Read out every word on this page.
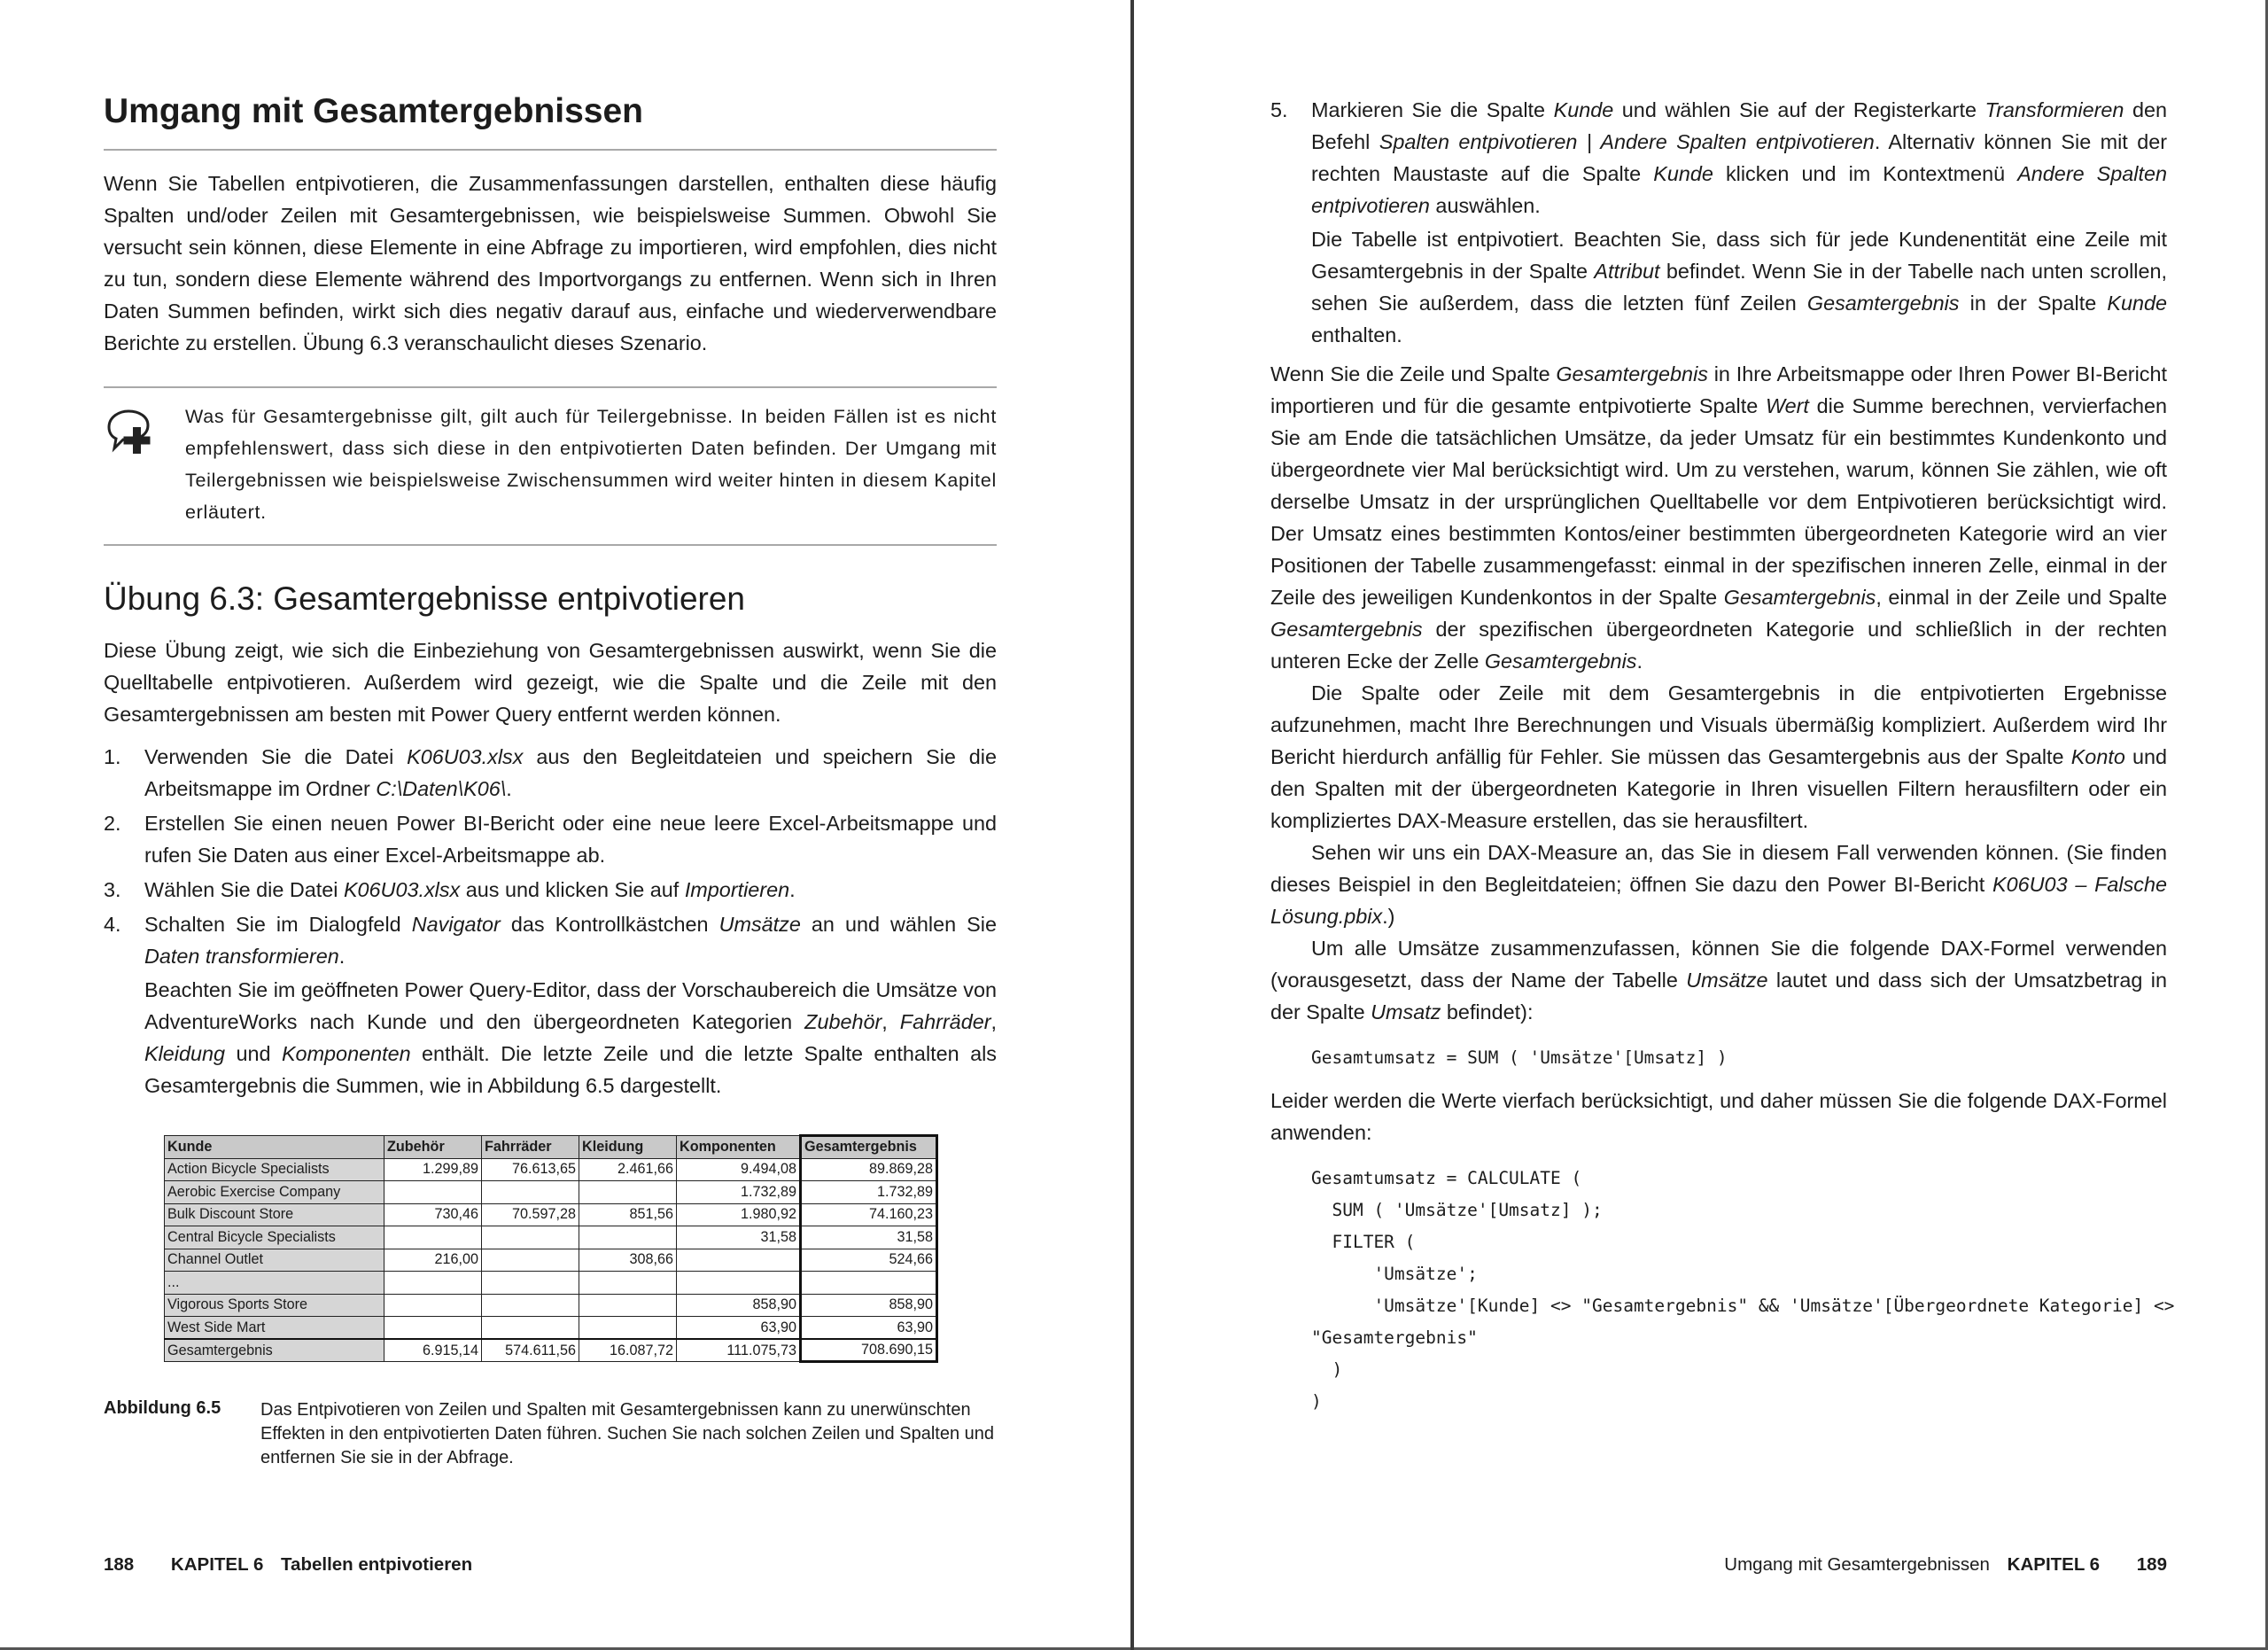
Umgang mit Gesamtergebnissen

Wenn Sie Tabellen entpivotieren, die Zusammenfassungen darstellen, enthalten diese häufig Spalten und/oder Zeilen mit Gesamtergebnissen, wie beispielsweise Summen. Obwohl Sie versucht sein können, diese Elemente in eine Abfrage zu importieren, wird empfohlen, dies nicht zu tun, sondern diese Elemente während des Importvorgangs zu entfernen. Wenn sich in Ihren Daten Summen befinden, wirkt sich dies negativ darauf aus, einfache und wiederverwendbare Berichte zu erstellen. Übung 6.3 veranschaulicht dieses Szenario.

Was für Gesamtergebnisse gilt, gilt auch für Teilergebnisse. In beiden Fällen ist es nicht empfehlenswert, dass sich diese in den entpivotierten Daten befinden. Der Umgang mit Teilergebnissen wie beispielsweise Zwischensummen wird weiter hinten in diesem Kapitel erläutert.

Übung 6.3: Gesamtergebnisse entpivotieren

Diese Übung zeigt, wie sich die Einbeziehung von Gesamtergebnissen auswirkt, wenn Sie die Quelltabelle entpivotieren. Außerdem wird gezeigt, wie die Spalte und die Zeile mit den Gesamtergebnissen am besten mit Power Query entfernt werden können.

1. Verwenden Sie die Datei K06U03.xlsx aus den Begleitdateien und speichern Sie die Arbeitsmappe im Ordner C:\Daten\K06\.
2. Erstellen Sie einen neuen Power BI-Bericht oder eine neue leere Excel-Arbeitsmappe und rufen Sie Daten aus einer Excel-Arbeitsmappe ab.
3. Wählen Sie die Datei K06U03.xlsx aus und klicken Sie auf Importieren.
4. Schalten Sie im Dialogfeld Navigator das Kontrollkästchen Umsätze an und wählen Sie Daten transformieren.

Beachten Sie im geöffneten Power Query-Editor, dass der Vorschaubereich die Umsätze von AdventureWorks nach Kunde und den übergeordneten Kategorien Zubehör, Fahrräder, Kleidung und Komponenten enthält. Die letzte Zeile und die letzte Spalte enthalten als Gesamtergebnis die Summen, wie in Abbildung 6.5 dargestellt.

Kunde	Zubehör	Fahrräder	Kleidung	Komponenten	Gesamtergebnis
Action Bicycle Specialists	1.299,89	76.613,65	2.461,66	9.494,08	89.869,28
Aerobic Exercise Company				1.732,89	1.732,89
Bulk Discount Store	730,46	70.597,28	851,56	1.980,92	74.160,23
Central Bicycle Specialists				31,58	31,58
Channel Outlet	216,00		308,66		524,66
...					
Vigorous Sports Store				858,90	858,90
West Side Mart				63,90	63,90
Gesamtergebnis	6.915,14	574.611,56	16.087,72	111.075,73	708.690,15
Abbildung 6.5 Das Entpivotieren von Zeilen und Spalten mit Gesamtergebnissen kann zu unerwünschten Effekten in den entpivotierten Daten führen. Suchen Sie nach solchen Zeilen und Spalten und entfernen Sie sie in der Abfrage.
188 KAPITEL 6 Tabellen entpivotieren
5. Markieren Sie die Spalte Kunde und wählen Sie auf der Registerkarte Transformieren den Befehl Spalten entpivotieren | Andere Spalten entpivotieren. Alternativ können Sie mit der rechten Maustaste auf die Spalte Kunde klicken und im Kontextmenü Andere Spalten entpivotieren auswählen.

Die Tabelle ist entpivotiert. Beachten Sie, dass sich für jede Kundenentität eine Zeile mit Gesamtergebnis in der Spalte Attribut befindet. Wenn Sie in der Tabelle nach unten scrollen, sehen Sie außerdem, dass die letzten fünf Zeilen Gesamtergebnis in der Spalte Kunde enthalten.

Wenn Sie die Zeile und Spalte Gesamtergebnis in Ihre Arbeitsmappe oder Ihren Power BI-Bericht importieren und für die gesamte entpivotierte Spalte Wert die Summe berechnen, vervierfachen Sie am Ende die tatsächlichen Umsätze, da jeder Umsatz für ein bestimmtes Kundenkonto und übergeordnete vier Mal berücksichtigt wird. Um zu verstehen, warum, können Sie zählen, wie oft derselbe Umsatz in der ursprünglichen Quelltabelle vor dem Entpivotieren berücksichtigt wird. Der Umsatz eines bestimmten Kontos/einer bestimmten übergeordneten Kategorie wird an vier Positionen der Tabelle zusammengefasst: einmal in der spezifischen inneren Zelle, einmal in der Zeile des jeweiligen Kundenkontos in der Spalte Gesamtergebnis, einmal in der Zeile und Spalte Gesamtergebnis der spezifischen übergeordneten Kategorie und schließlich in der rechten unteren Ecke der Zelle Gesamtergebnis.

Die Spalte oder Zeile mit dem Gesamtergebnis in die entpivotierten Ergebnisse aufzunehmen, macht Ihre Berechnungen und Visuals übermäßig kompliziert. Außerdem wird Ihr Bericht hierdurch anfällig für Fehler. Sie müssen das Gesamtergebnis aus der Spalte Konto und den Spalten mit der übergeordneten Kategorie in Ihren visuellen Filtern herausfiltern oder ein kompliziertes DAX-Measure erstellen, das sie herausfiltert.

Sehen wir uns ein DAX-Measure an, das Sie in diesem Fall verwenden können. (Sie finden dieses Beispiel in den Begleitdateien; öffnen Sie dazu den Power BI-Bericht K06U03 – Falsche Lösung.pbix.)

Um alle Umsätze zusammenzufassen, können Sie die folgende DAX-Formel verwenden (vorausgesetzt, dass der Name der Tabelle Umsätze lautet und dass sich der Umsatzbetrag in der Spalte Umsatz befindet):

Gesamtumsatz = SUM ( 'Umsätze'[Umsatz] )

Leider werden die Werte vierfach berücksichtigt, und daher müssen Sie die folgende DAX-Formel anwenden:

Gesamtumsatz = CALCULATE (
SUM ( 'Umsätze'[Umsatz] );
FILTER (
'Umsätze';
'Umsätze'[Kunde] <> "Gesamtergebnis" && 'Umsätze'[Übergeordnete Kategorie] <>
"Gesamtergebnis"
)
)
Umgang mit Gesamtergebnissen KAPITEL 6 189
